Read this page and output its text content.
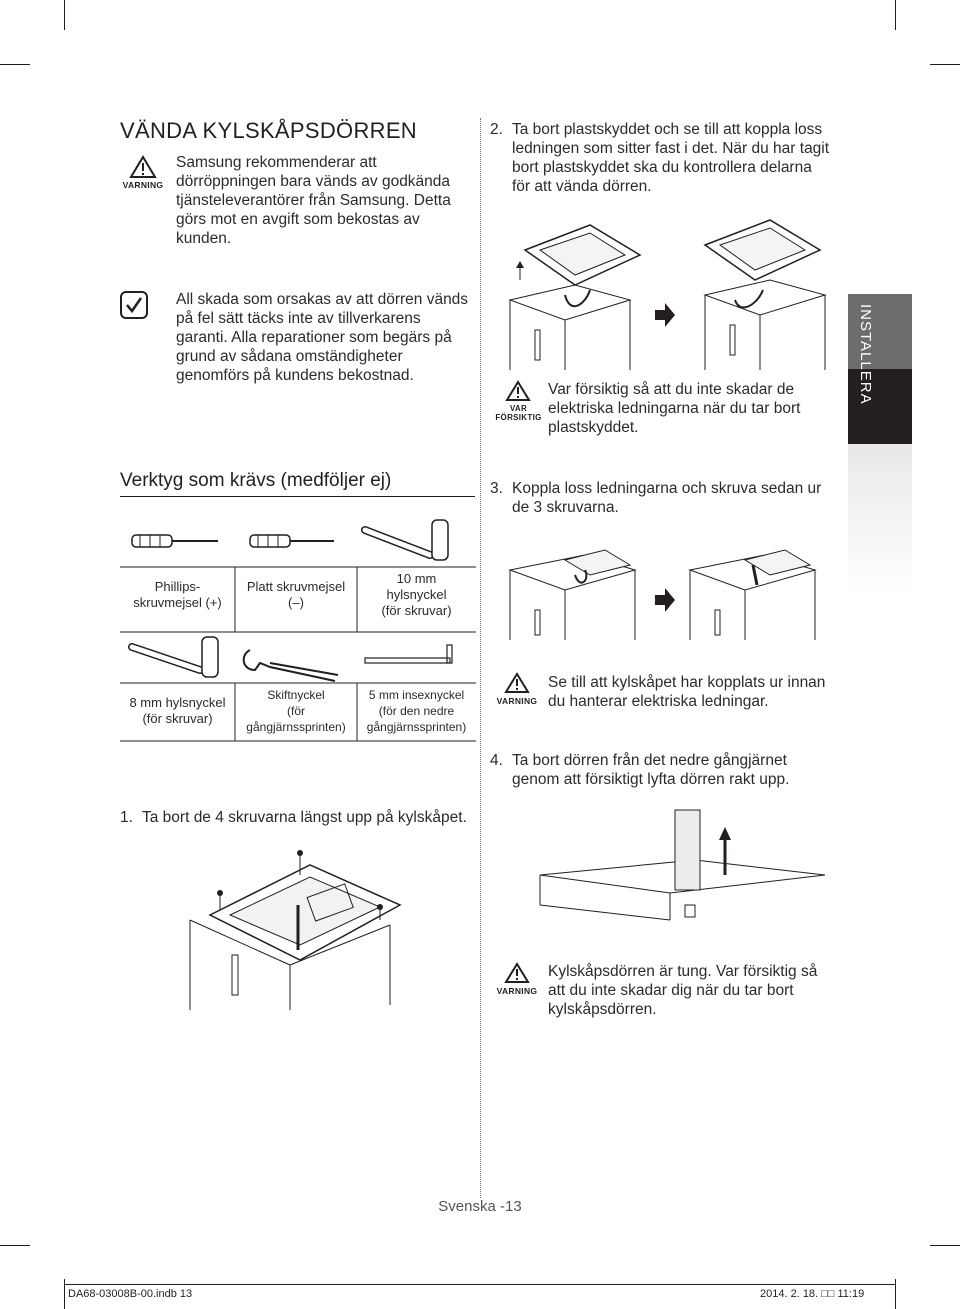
VÄNDA KYLSKÅPSDÖRREN
VARNING
Samsung rekommenderar att dörröppningen bara vänds av godkända tjänsteleverantörer från Samsung. Detta görs mot en avgift som bekostas av kunden.
All skada som orsakas av att dörren vänds på fel sätt täcks inte av tillverkarens garanti. Alla reparationer som begärs på grund av sådana omständigheter genomförs på kundens bekostnad.
Verktyg som krävs (medföljer ej)
Phillips-
skruvmejsel (+)
Platt skruvmejsel
(–)
10 mm
hylsnyckel
(för skruvar)
8 mm hylsnyckel
(för skruvar)
Skiftnyckel
(för
gångjärnssprinten)
5 mm insexnyckel
(för den nedre
gångjärnssprinten)
1. Ta bort de 4 skruvarna längst upp på kylskåpet.
2. Ta bort plastskyddet och se till att koppla loss ledningen som sitter fast i det. När du har tagit bort plastskyddet ska du kontrollera delarna för att vända dörren.
VAR FÖRSIKTIG
Var försiktig så att du inte skadar de elektriska ledningarna när du tar bort plastskyddet.
3. Koppla loss ledningarna och skruva sedan ur de 3 skruvarna.
VARNING
Se till att kylskåpet har kopplats ur innan du hanterar elektriska ledningar.
4. Ta bort dörren från det nedre gångjärnet genom att försiktigt lyfta dörren rakt upp.
VARNING
Kylskåpsdörren är tung. Var försiktig så att du inte skadar dig när du tar bort kylskåpsdörren.
INSTALLERA
Svenska -13
DA68-03008B-00.indb 13	2014. 2. 18. □□ 11:19
